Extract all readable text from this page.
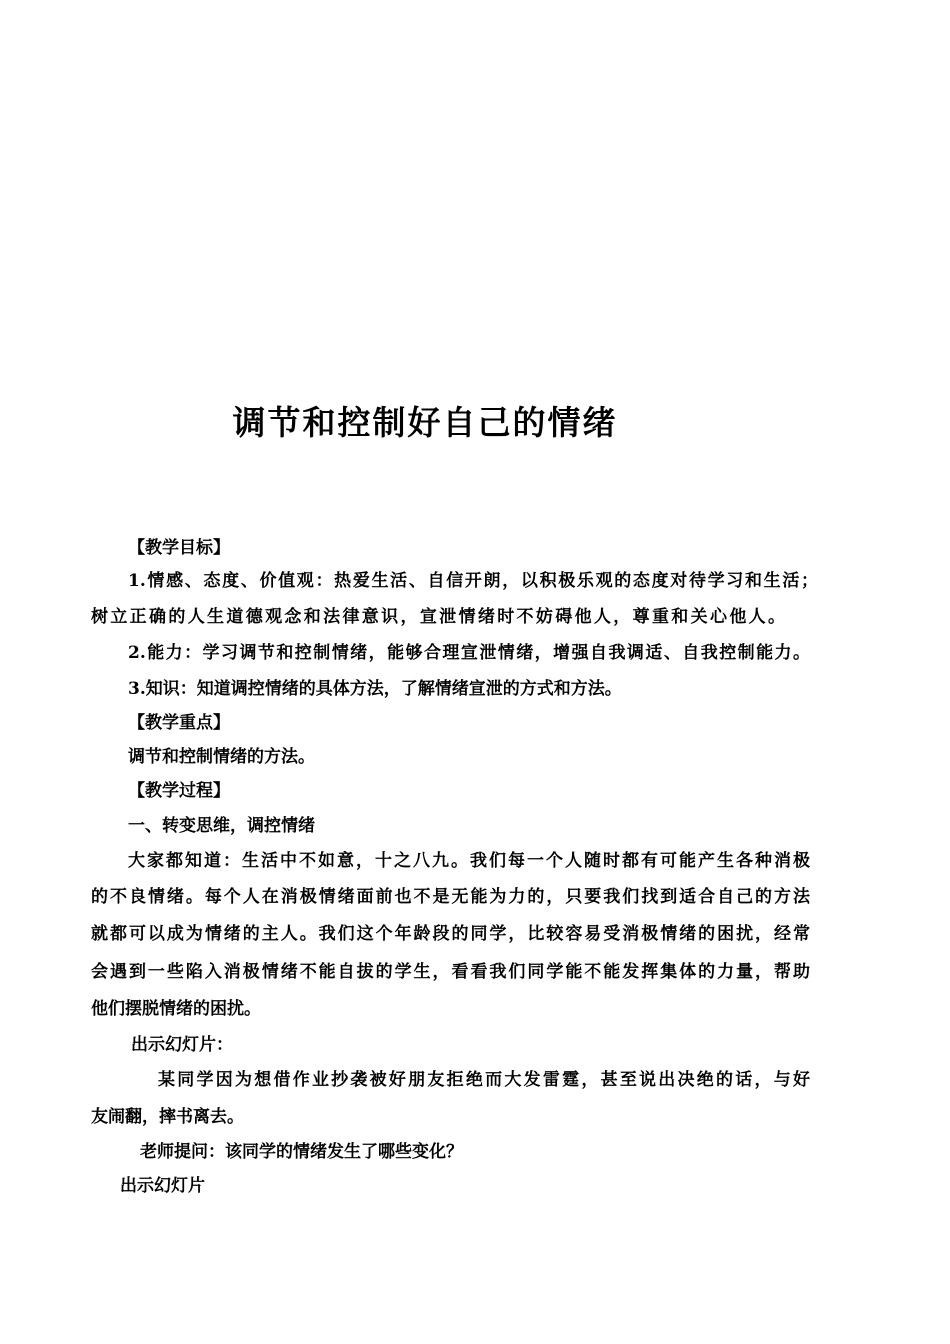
调节和控制好自己的情绪
【教学目标】
1.情感、态度、价值观：热爱生活、自信开朗，以积极乐观的态度对待学习和生活；
树立正确的人生道德观念和法律意识，宣泄情绪时不妨碍他人，尊重和关心他人。
2.能力：学习调节和控制情绪，能够合理宣泄情绪，增强自我调适、自我控制能力。
3.知识：知道调控情绪的具体方法，了解情绪宣泄的方式和方法。
【教学重点】
调节和控制情绪的方法。
【教学过程】
一、转变思维，调控情绪
大家都知道：生活中不如意，十之八九。我们每一个人随时都有可能产生各种消极
的不良情绪。每个人在消极情绪面前也不是无能为力的，只要我们找到适合自己的方法
就都可以成为情绪的主人。我们这个年龄段的同学，比较容易受消极情绪的困扰，经常
会遇到一些陷入消极情绪不能自拔的学生，看看我们同学能不能发挥集体的力量，帮助
他们摆脱情绪的困扰。
出示幻灯片：
某同学因为想借作业抄袭被好朋友拒绝而大发雷霆，甚至说出决绝的话，与好
友闹翻，摔书离去。
老师提问：该同学的情绪发生了哪些变化？
出示幻灯片
